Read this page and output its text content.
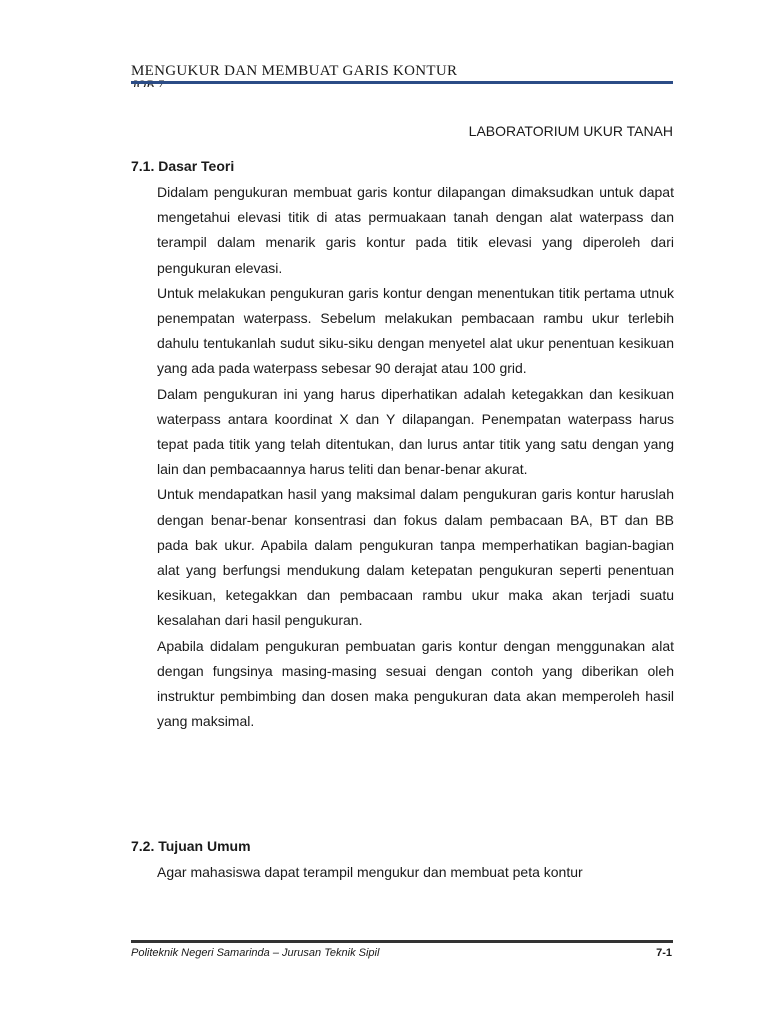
MENGUKUR DAN MEMBUAT GARIS KONTUR
LABORATORIUM UKUR TANAH
7.1. Dasar Teori

Didalam pengukuran membuat garis kontur dilapangan dimaksudkan untuk dapat mengetahui elevasi titik di atas permuakaan tanah dengan alat waterpass dan terampil dalam menarik garis kontur pada titik elevasi yang diperoleh dari pengukuran elevasi.

Untuk melakukan pengukuran garis kontur dengan menentukan titik pertama utnuk penempatan waterpass. Sebelum melakukan pembacaan rambu ukur terlebih dahulu tentukanlah sudut siku-siku dengan menyetel alat ukur penentuan kesikuan yang ada pada waterpass sebesar 90 derajat atau 100 grid.

Dalam pengukuran ini yang harus diperhatikan adalah ketegakkan dan kesikuan waterpass antara koordinat X dan Y dilapangan. Penempatan waterpass harus tepat pada titik yang telah ditentukan, dan lurus antar titik yang satu dengan yang lain dan pembacaannya harus teliti dan benar-benar akurat.

Untuk mendapatkan hasil yang maksimal dalam pengukuran garis kontur haruslah dengan benar-benar konsentrasi dan fokus dalam pembacaan BA, BT dan BB pada bak ukur. Apabila dalam pengukuran tanpa memperhatikan bagian-bagian alat yang berfungsi mendukung dalam ketepatan pengukuran seperti penentuan kesikuan, ketegakkan dan pembacaan rambu ukur maka akan terjadi suatu kesalahan dari hasil pengukuran.

Apabila didalam pengukuran pembuatan garis kontur dengan menggunakan alat dengan fungsinya masing-masing sesuai dengan contoh yang diberikan oleh instruktur pembimbing dan dosen maka pengukuran data akan memperoleh hasil yang maksimal.

7.2. Tujuan Umum

Agar mahasiswa dapat terampil mengukur dan membuat peta kontur

Politeknik Negeri Samarinda – Jurusan Teknik Sipil	7-1
